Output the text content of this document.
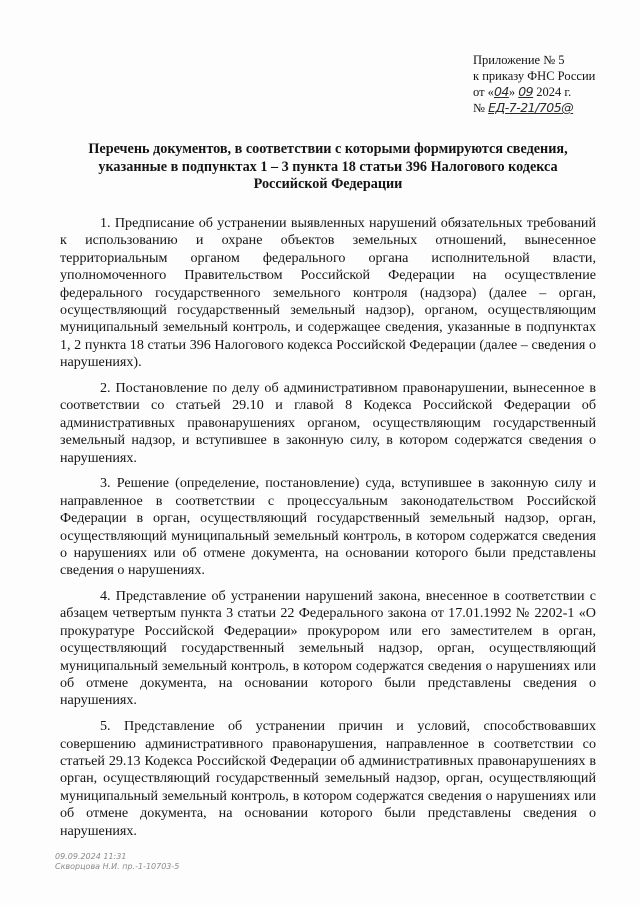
Приложение № 5
к приказу ФНС России
от «04» 09 2024 г.
№ ЕД-7-21/705@
Перечень документов, в соответствии с которыми формируются сведения, указанные в подпунктах 1 – 3 пункта 18 статьи 396 Налогового кодекса Российской Федерации

1. Предписание об устранении выявленных нарушений обязательных требований к использованию и охране объектов земельных отношений, вынесенное территориальным органом федерального органа исполнительной власти, уполномоченного Правительством Российской Федерации на осуществление федерального государственного земельного контроля (надзора) (далее – орган, осуществляющий государственный земельный надзор), органом, осуществляющим муниципальный земельный контроль, и содержащее сведения, указанные в подпунктах 1, 2 пункта 18 статьи 396 Налогового кодекса Российской Федерации (далее – сведения о нарушениях).

2. Постановление по делу об административном правонарушении, вынесенное в соответствии со статьей 29.10 и главой 8 Кодекса Российской Федерации об административных правонарушениях органом, осуществляющим государственный земельный надзор, и вступившее в законную силу, в котором содержатся сведения о нарушениях.

3. Решение (определение, постановление) суда, вступившее в законную силу и направленное в соответствии с процессуальным законодательством Российской Федерации в орган, осуществляющий государственный земельный надзор, орган, осуществляющий муниципальный земельный контроль, в котором содержатся сведения о нарушениях или об отмене документа, на основании которого были представлены сведения о нарушениях.

4. Представление об устранении нарушений закона, внесенное в соответствии с абзацем четвертым пункта 3 статьи 22 Федерального закона от 17.01.1992 № 2202-1 «О прокуратуре Российской Федерации» прокурором или его заместителем в орган, осуществляющий государственный земельный надзор, орган, осуществляющий муниципальный земельный контроль, в котором содержатся сведения о нарушениях или об отмене документа, на основании которого были представлены сведения о нарушениях.

5. Представление об устранении причин и условий, способствовавших совершению административного правонарушения, направленное в соответствии со статьей 29.13 Кодекса Российской Федерации об административных правонарушениях в орган, осуществляющий государственный земельный надзор, орган, осуществляющий муниципальный земельный контроль, в котором содержатся сведения о нарушениях или об отмене документа, на основании которого были представлены сведения о нарушениях.

09.09.2024 11:31
Скворцова Н.И. пр.-1-10703-5
